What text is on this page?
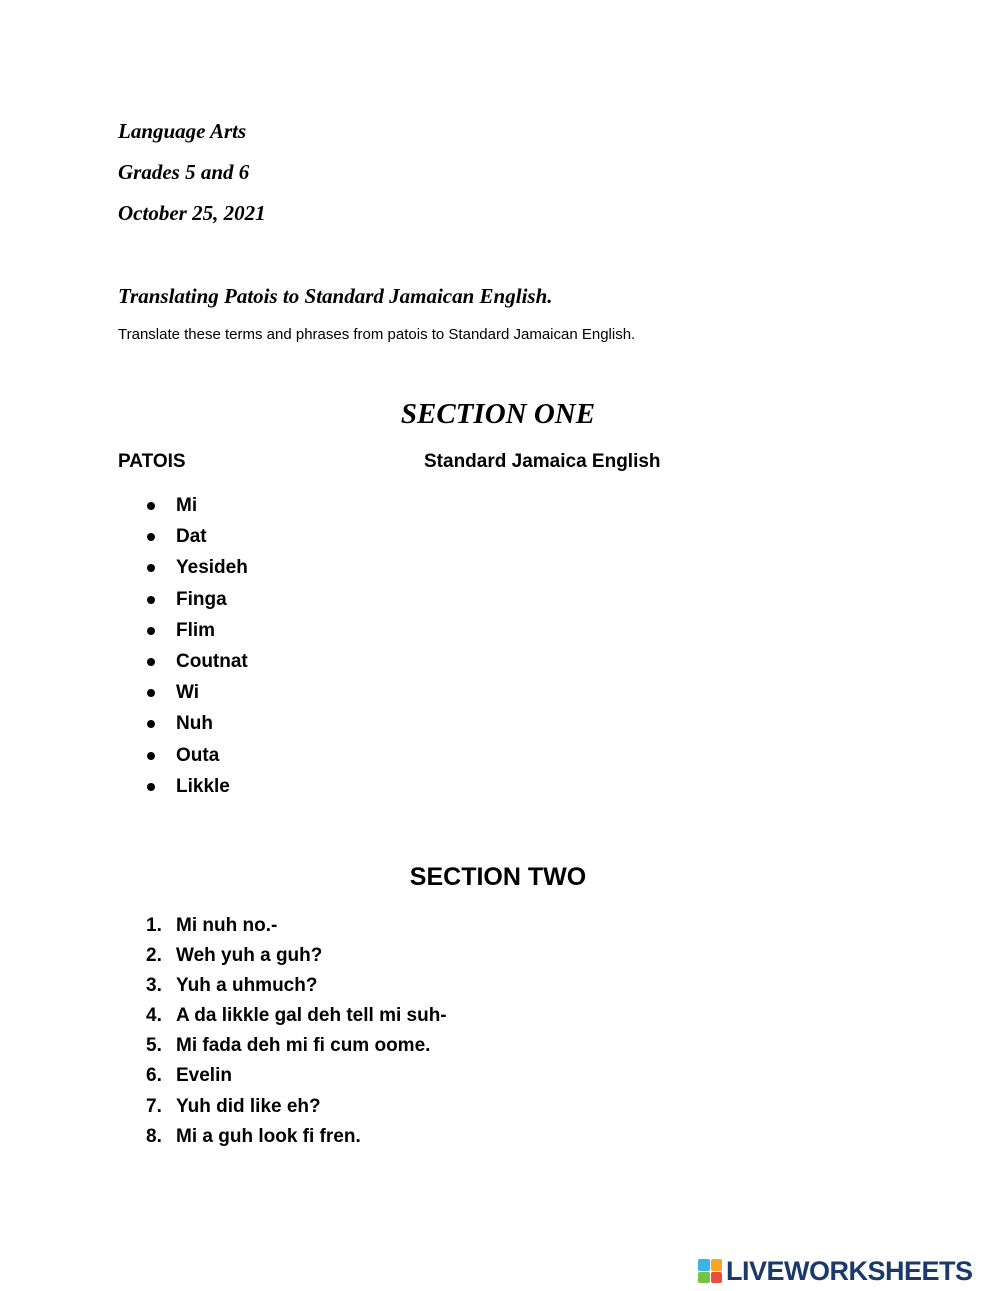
Language Arts
Grades 5 and 6
October 25, 2021
Translating Patois to Standard Jamaican English.
Translate these terms and phrases from patois to Standard Jamaican English.
SECTION ONE
PATOIS	Standard Jamaica English
Mi
Dat
Yesideh
Finga
Flim
Coutnat
Wi
Nuh
Outa
Likkle
SECTION TWO
1. Mi nuh no.-
2. Weh yuh a guh?
3. Yuh a uhmuch?
4. A da likkle gal deh tell mi suh-
5. Mi fada deh mi fi cum oome.
6. Evelin
7. Yuh did like eh?
8. Mi a guh look fi fren.
LIVEWORKSHEETS
